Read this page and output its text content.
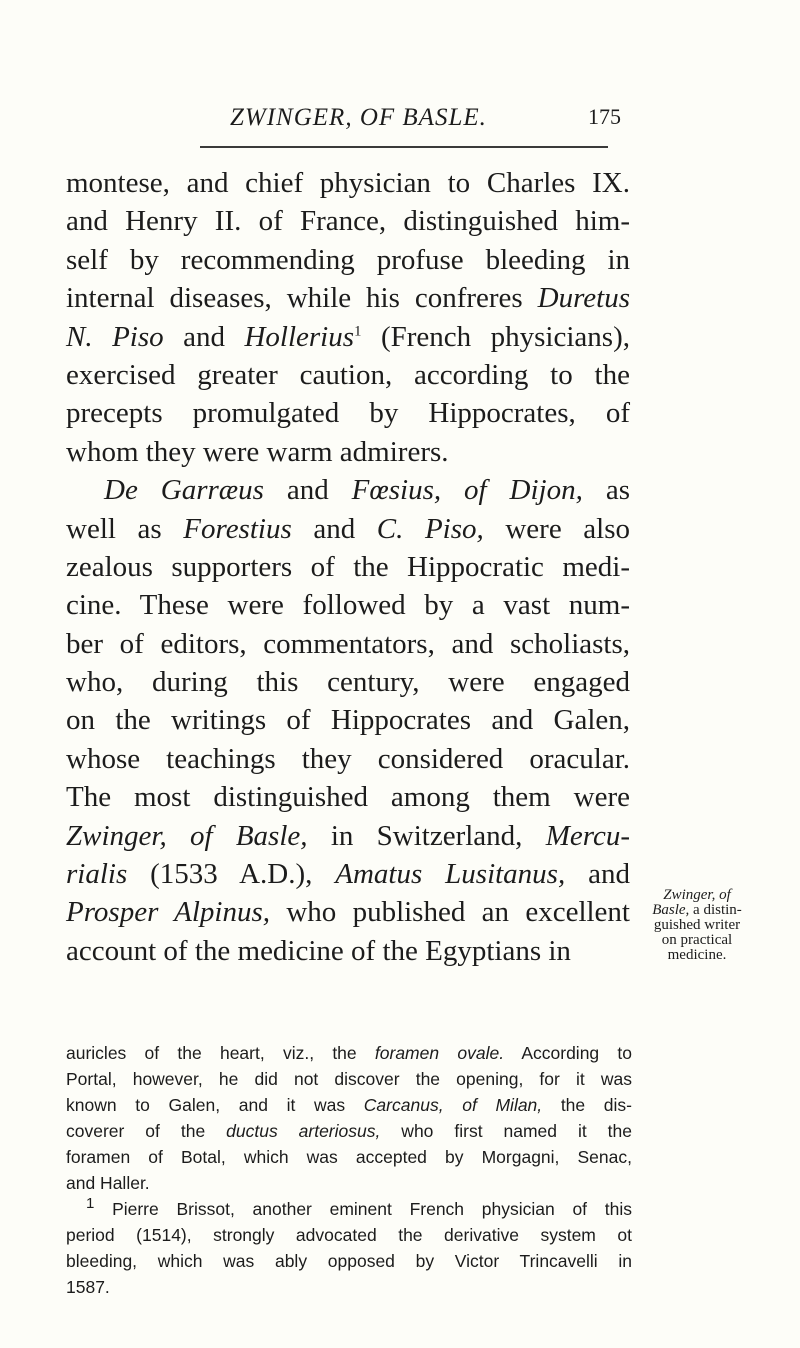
ZWINGER, OF BASLE.	175
montese, and chief physician to Charles IX.
and Henry II. of France, distinguished him-
self by recommending profuse bleeding in
internal diseases, while his confreres Duretus
N. Piso and Hollerius$^1$ (French physicians),
exercised greater caution, according to the
precepts promulgated by Hippocrates, of
whom they were warm admirers.
De Garræus and Fœsius, of Dijon, as
well as Forestius and C. Piso, were also
zealous supporters of the Hippocratic medi-
cine. These were followed by a vast num-
ber of editors, commentators, and scholiasts,
who, during this century, were engaged
on the writings of Hippocrates and Galen,
whose teachings they considered oracular.
The most distinguished among them were
Zwinger, of Basle, in Switzerland, Mercu-
rialis (1533 A.D.), Amatus Lusitanus, and
Prosper Alpinus, who published an excellent
account of the medicine of the Egyptians in
Zwinger, of
Basle, a distin-
guished writer
on practical
medicine.

auricles of the heart, viz., the foramen ovale. According to

Portal, however, he did not discover the opening, for it was

known to Galen, and it was Carcanus, of Milan, the dis-

coverer of the ductus arteriosus, who first named it the

foramen of Botal, which was accepted by Morgagni, Senac,

and Haller.

$^1$ Pierre Brissot, another eminent French physician of this

period (1514), strongly advocated the derivative system ot

bleeding, which was ably opposed by Victor Trincavelli in

1587.
